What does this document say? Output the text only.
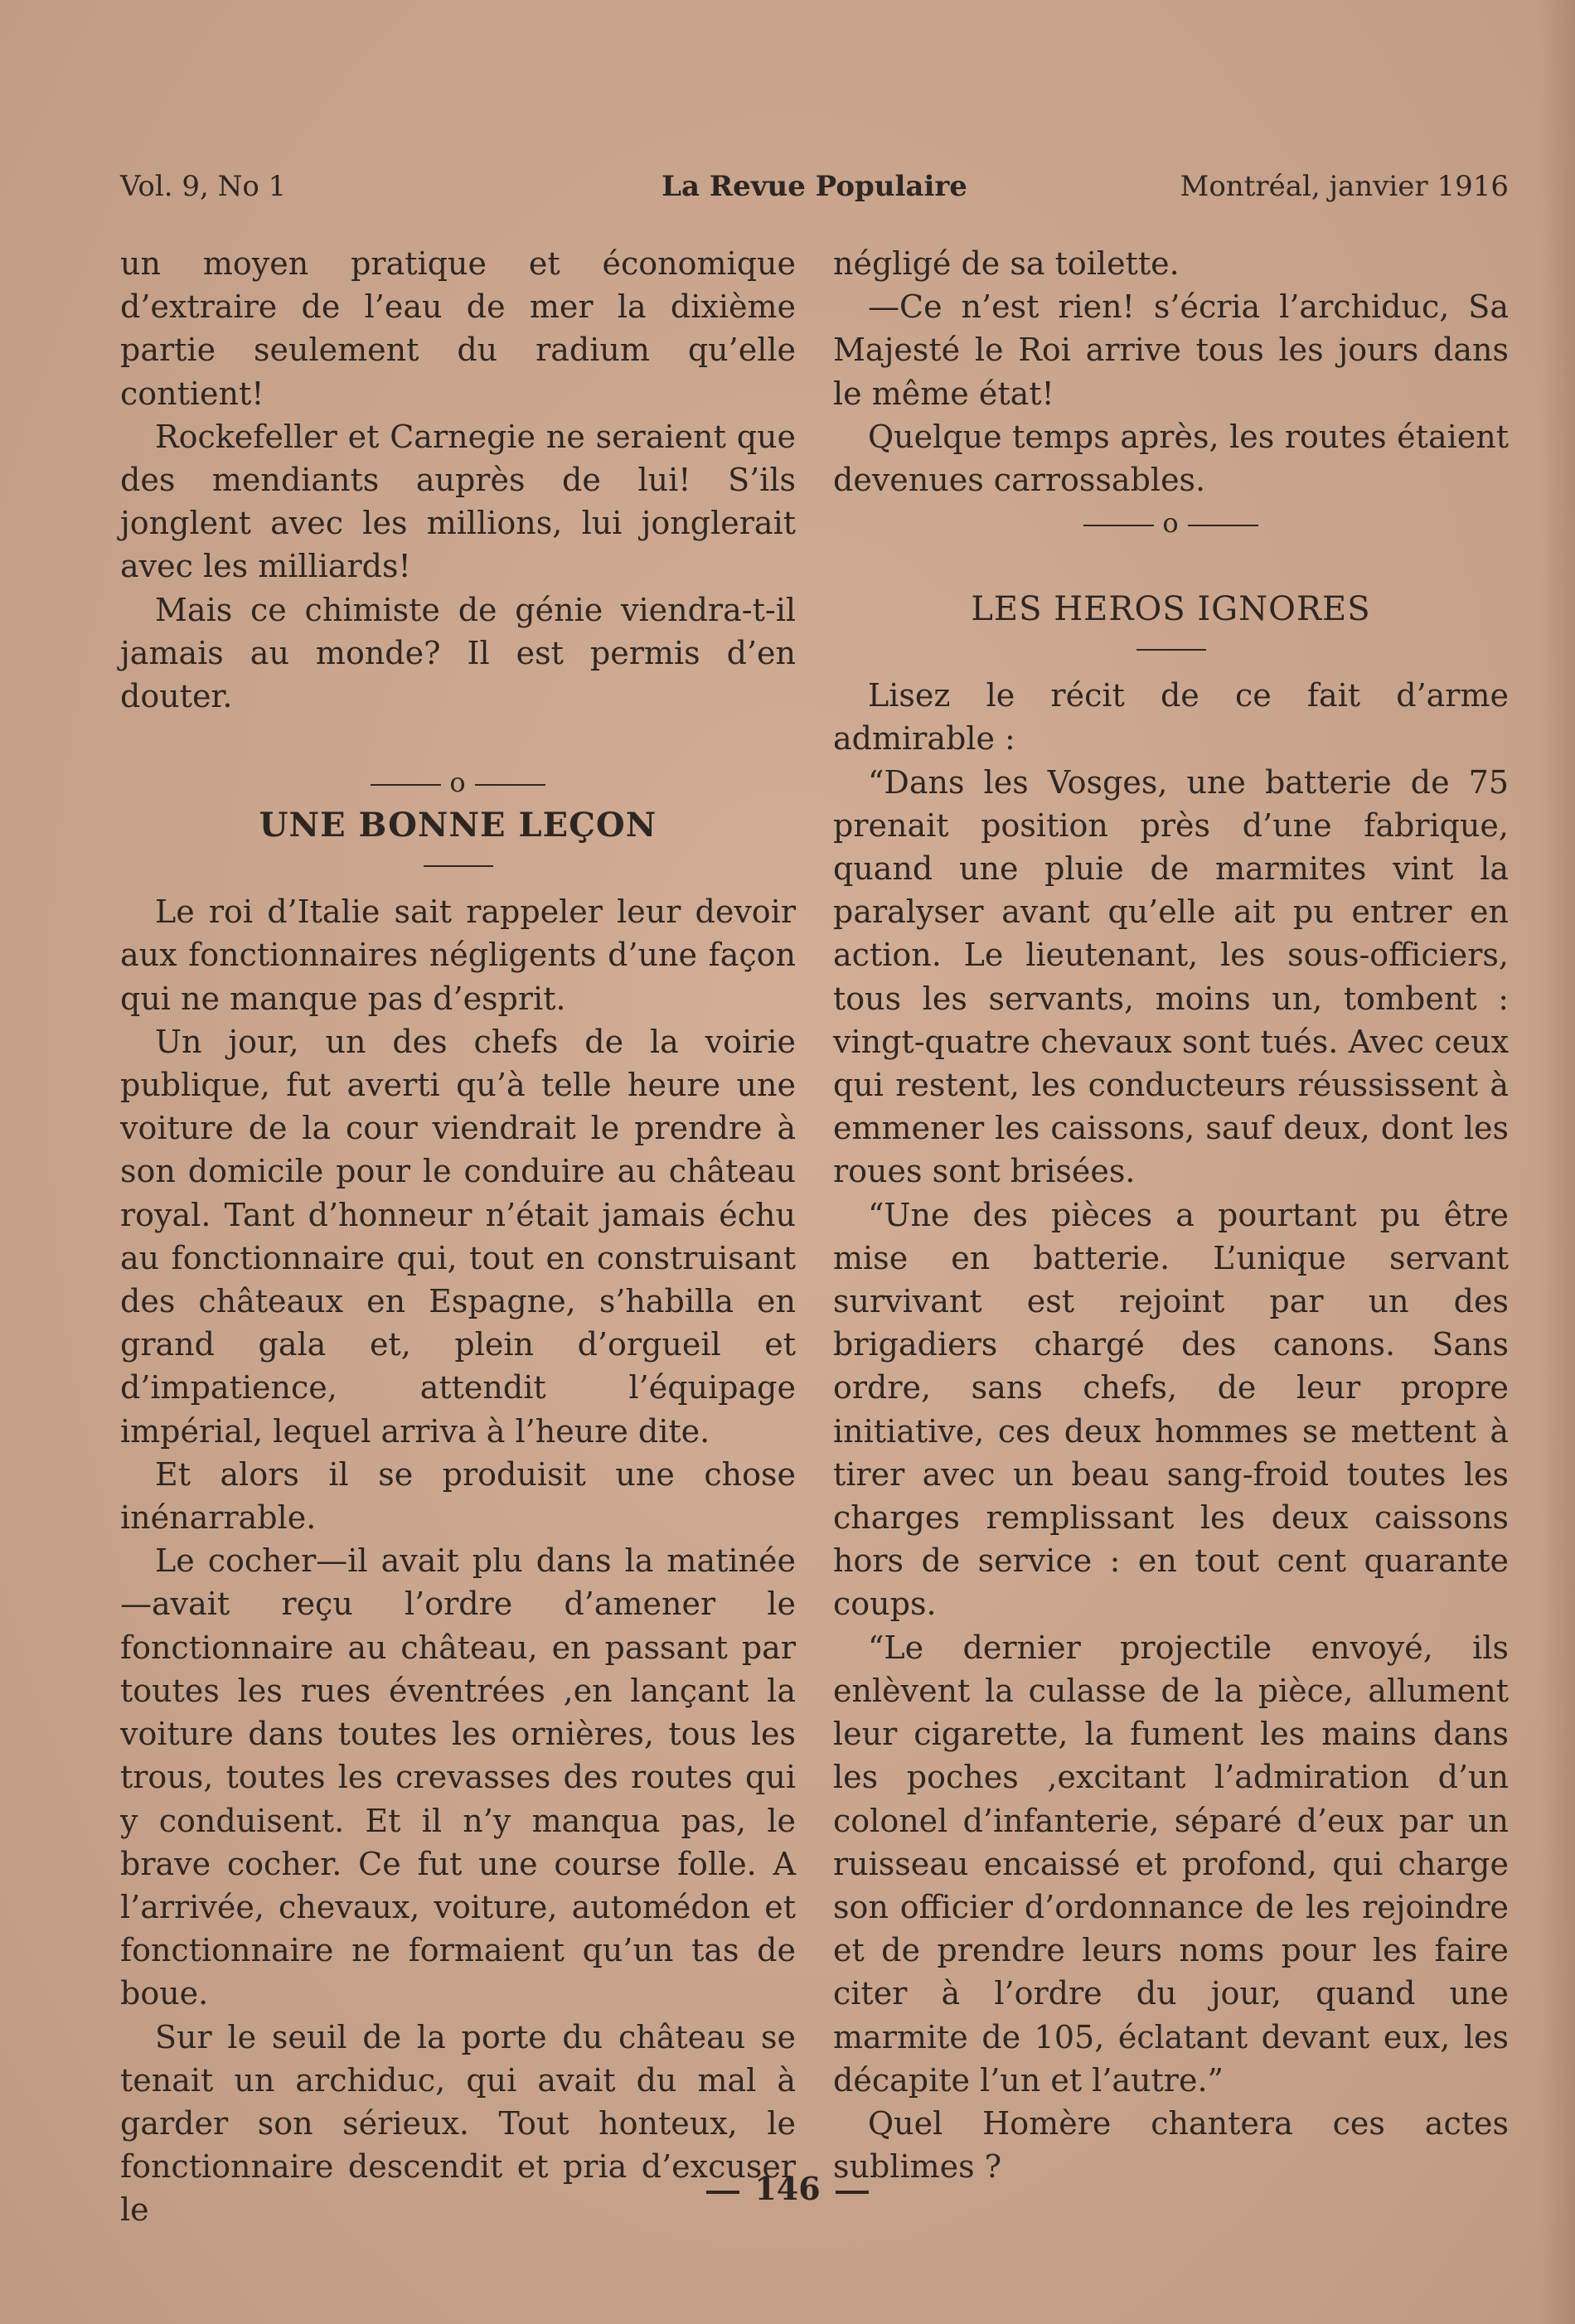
La Revue Populaire
Vol. 9, No 1	Montréal, janvier 1916

un moyen pratique et économique d’extraire de l’eau de mer la dixième partie seulement du radium qu’elle contient!

Rockefeller et Carnegie ne seraient que des mendiants auprès de lui! S’ils jonglent avec les millions, lui jonglerait avec les milliards!

Mais ce chimiste de génie viendra-t-il jamais au monde? Il est permis d’en douter.

o
UNE BONNE LEÇON

Le roi d’Italie sait rappeler leur devoir aux fonctionnaires négligents d’une façon qui ne manque pas d’esprit.

Un jour, un des chefs de la voirie publique, fut averti qu’à telle heure une voiture de la cour viendrait le prendre à son domicile pour le conduire au château royal. Tant d’honneur n’était jamais échu au fonctionnaire qui, tout en construisant des châteaux en Espagne, s’habilla en grand gala et, plein d’orgueil et d’impatience, attendit l’équipage impérial, lequel arriva à l’heure dite.

Et alors il se produisit une chose inénarrable.

Le cocher—il avait plu dans la matinée—avait reçu l’ordre d’amener le fonctionnaire au château, en passant par toutes les rues éventrées ,en lançant la voiture dans toutes les ornières, tous les trous, toutes les crevasses des routes qui y conduisent. Et il n’y manqua pas, le brave cocher. Ce fut une course folle. A l’arrivée, chevaux, voiture, automédon et fonctionnaire ne formaient qu’un tas de boue.

Sur le seuil de la porte du château se tenait un archiduc, qui avait du mal à garder son sérieux. Tout honteux, le fonctionnaire descendit et pria d’excuser le

négligé de sa toilette.

—Ce n’est rien! s’écria l’archiduc, Sa Majesté le Roi arrive tous les jours dans le même état!

Quelque temps après, les routes étaient devenues carrossables.

o
LES HEROS IGNORES

Lisez le récit de ce fait d’arme admirable :

“Dans les Vosges, une batterie de 75 prenait position près d’une fabrique, quand une pluie de marmites vint la paralyser avant qu’elle ait pu entrer en action. Le lieutenant, les sous-officiers, tous les servants, moins un, tombent : vingt-quatre chevaux sont tués. Avec ceux qui restent, les conducteurs réussissent à emmener les caissons, sauf deux, dont les roues sont brisées.

“Une des pièces a pourtant pu être mise en batterie. L’unique servant survivant est rejoint par un des brigadiers chargé des canons. Sans ordre, sans chefs, de leur propre initiative, ces deux hommes se mettent à tirer avec un beau sang-froid toutes les charges remplissant les deux caissons hors de service : en tout cent quarante coups.

“Le dernier projectile envoyé, ils enlèvent la culasse de la pièce, allument leur cigarette, la fument les mains dans les poches ,excitant l’admiration d’un colonel d’infanterie, séparé d’eux par un ruisseau encaissé et profond, qui charge son officier d’ordonnance de les rejoindre et de prendre leurs noms pour les faire citer à l’ordre du jour, quand une marmite de 105, éclatant devant eux, les décapite l’un et l’autre.”

Quel Homère chantera ces actes sublimes ?

146
